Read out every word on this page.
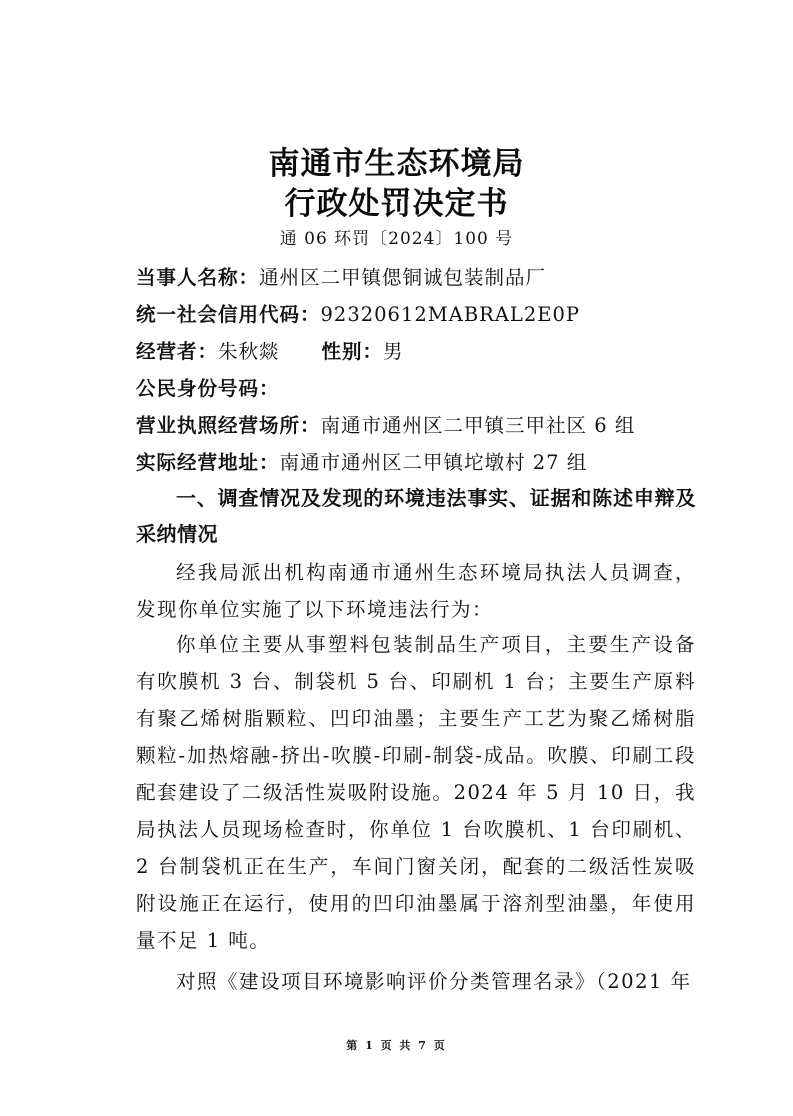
南通市生态环境局
行政处罚决定书
通 06 环罚〔2024〕100 号
当事人名称：通州区二甲镇偲铜诚包装制品厂
统一社会信用代码：92320612MABRAL2E0P
经营者：朱秋燚 性别：男
公民身份号码：
营业执照经营场所：南通市通州区二甲镇三甲社区 6 组
实际经营地址：南通市通州区二甲镇坨墩村 27 组
一、调查情况及发现的环境违法事实、证据和陈述申辩及采纳情况
经我局派出机构南通市通州生态环境局执法人员调查，发现你单位实施了以下环境违法行为：
你单位主要从事塑料包装制品生产项目，主要生产设备有吹膜机 3 台、制袋机 5 台、印刷机 1 台；主要生产原料有聚乙烯树脂颗粒、凹印油墨；主要生产工艺为聚乙烯树脂颗粒-加热熔融-挤出-吹膜-印刷-制袋-成品。吹膜、印刷工段配套建设了二级活性炭吸附设施。2024 年 5 月 10 日，我局执法人员现场检查时，你单位 1 台吹膜机、1 台印刷机、2 台制袋机正在生产，车间门窗关闭，配套的二级活性炭吸附设施正在运行，使用的凹印油墨属于溶剂型油墨，年使用量不足 1 吨。
对照《建设项目环境影响评价分类管理名录》（2021 年
第 1 页 共 7 页
